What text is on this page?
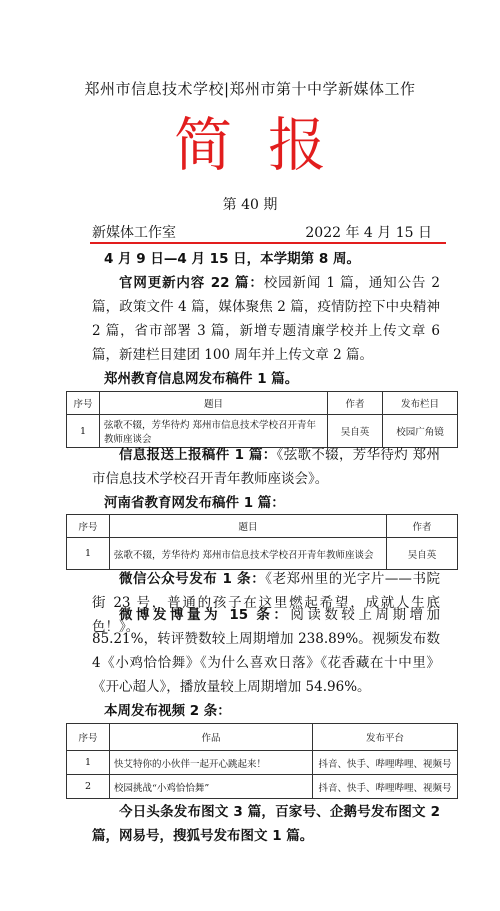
郑州市信息技术学校|郑州市第十中学新媒体工作
简报
第 40 期
新媒体工作室	2022 年 4 月 15 日
4 月 9 日—4 月 15 日，本学期第 8 周。
官网更新内容 22 篇：校园新闻 1 篇，通知公告 2 篇，政策文件 4 篇，媒体聚焦 2 篇，疫情防控下中央精神 2 篇，省市部署 3 篇，新增专题清廉学校并上传文章 6 篇，新建栏目建团 100 周年并上传文章 2 篇。
郑州教育信息网发布稿件 1 篇。
序号	题目	作者	发布栏目
1	弦歌不辍，芳华待灼 郑州市信息技术学校召开青年教师座谈会	吴自英	校园广角镜
信息报送上报稿件 1 篇：《弦歌不辍，芳华待灼 郑州市信息技术学校召开青年教师座谈会》。
河南省教育网发布稿件 1 篇：
序号	题目	作者
1	弦歌不辍，芳华待灼 郑州市信息技术学校召开青年教师座谈会	吴自英
微信公众号发布 1 条：《老郑州里的光字片——书院街 23 号，普通的孩子在这里燃起希望，成就人生底色！》。
微博发博量为 15 条：阅读数较上周期增加 85.21%，转评赞数较上周期增加 238.89%。视频发布数 4《小鸡恰恰舞》《为什么喜欢日落》《花香藏在十中里》《开心超人》，播放量较上周期增加 54.96%。
本周发布视频 2 条：
序号	作品	发布平台
1	快艾特你的小伙伴一起开心跳起来！	抖音、快手、哔哩哔哩、视频号
2	校园挑战“小鸡恰恰舞”	抖音、快手、哔哩哔哩、视频号
今日头条发布图文 3 篇，百家号、企鹅号发布图文 2 篇，网易号，搜狐号发布图文 1 篇。
